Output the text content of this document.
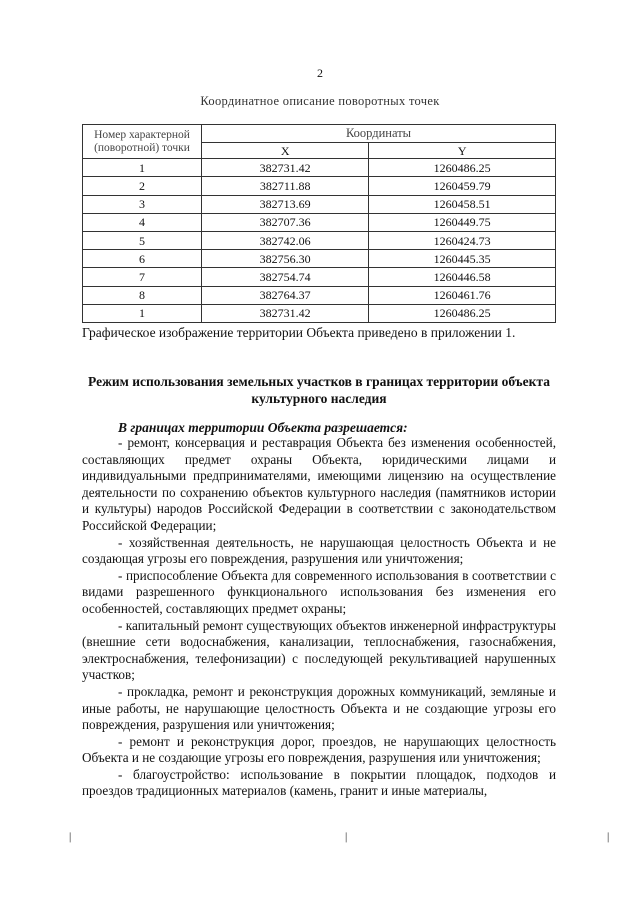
2
Координатное описание поворотных точек
Номер характерной (поворотной) точки	Координаты	
	X	Y
1	382731.42	1260486.25
2	382711.88	1260459.79
3	382713.69	1260458.51
4	382707.36	1260449.75
5	382742.06	1260424.73
6	382756.30	1260445.35
7	382754.74	1260446.58
8	382764.37	1260461.76
1	382731.42	1260486.25
Графическое изображение территории Объекта приведено в приложении 1.
Режим использования земельных участков в границах территории объекта культурного наследия
В границах территории Объекта разрешается:
- ремонт, консервация и реставрация Объекта без изменения особенностей, составляющих предмет охраны Объекта, юридическими лицами и индивидуальными предпринимателями, имеющими лицензию на осуществление деятельности по сохранению объектов культурного наследия (памятников истории и культуры) народов Российской Федерации в соответствии с законодательством Российской Федерации;
- хозяйственная деятельность, не нарушающая целостность Объекта и не создающая угрозы его повреждения, разрушения или уничтожения;
- приспособление Объекта для современного использования в соответствии с видами разрешенного функционального использования без изменения его особенностей, составляющих предмет охраны;
- капитальный ремонт существующих объектов инженерной инфраструктуры (внешние сети водоснабжения, канализации, теплоснабжения, газоснабжения, электроснабжения, телефонизации) с последующей рекультивацией нарушенных участков;
- прокладка, ремонт и реконструкция дорожных коммуникаций, земляные и иные работы, не нарушающие целостность Объекта и не создающие угрозы его повреждения, разрушения или уничтожения;
- ремонт и реконструкция дорог, проездов, не нарушающих целостность Объекта и не создающие угрозы его повреждения, разрушения или уничтожения;
- благоустройство: использование в покрытии площадок, подходов и проездов традиционных материалов (камень, гранит и иные материалы,
❘	❘	❘
